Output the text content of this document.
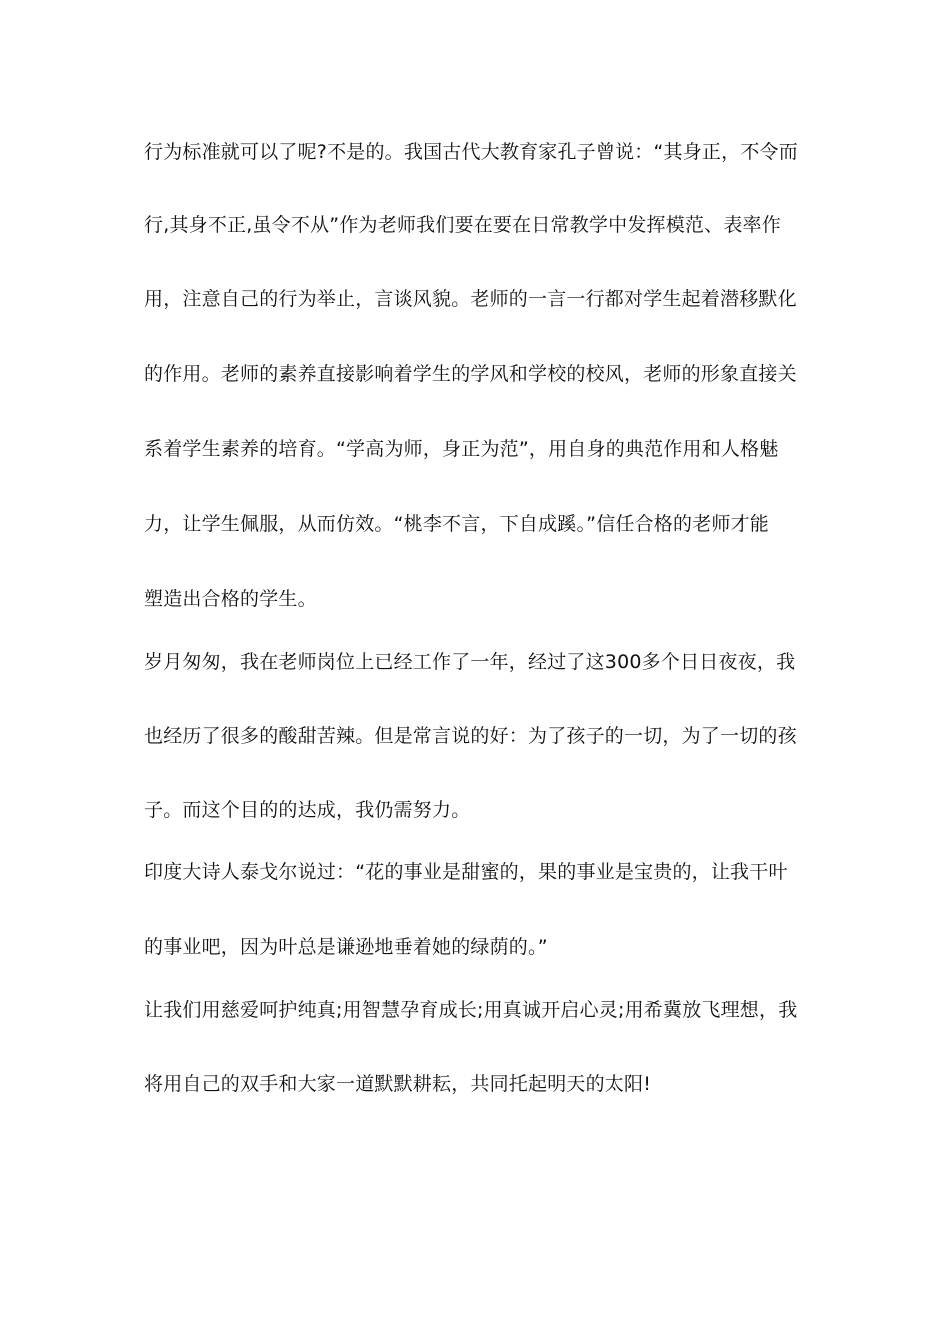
行为标准就可以了呢?不是的。我国古代大教育家孔子曾说：“其身正，不令而
行,其身不正,虽令不从”作为老师我们要在要在日常教学中发挥模范、表率作
用，注意自己的行为举止，言谈风貌。老师的一言一行都对学生起着潜移默化
的作用。老师的素养直接影响着学生的学风和学校的校风，老师的形象直接关
系着学生素养的培育。“学高为师，身正为范”，用自身的典范作用和人格魅
力，让学生佩服，从而仿效。“桃李不言，下自成蹊。”信任合格的老师才能
塑造出合格的学生。
岁月匆匆，我在老师岗位上已经工作了一年，经过了这300多个日日夜夜，我
也经历了很多的酸甜苦辣。但是常言说的好：为了孩子的一切，为了一切的孩
子。而这个目的的达成，我仍需努力。
印度大诗人泰戈尔说过：“花的事业是甜蜜的，果的事业是宝贵的，让我干叶
的事业吧，因为叶总是谦逊地垂着她的绿荫的。”
让我们用慈爱呵护纯真;用智慧孕育成长;用真诚开启心灵;用希冀放飞理想，我
将用自己的双手和大家一道默默耕耘，共同托起明天的太阳!
